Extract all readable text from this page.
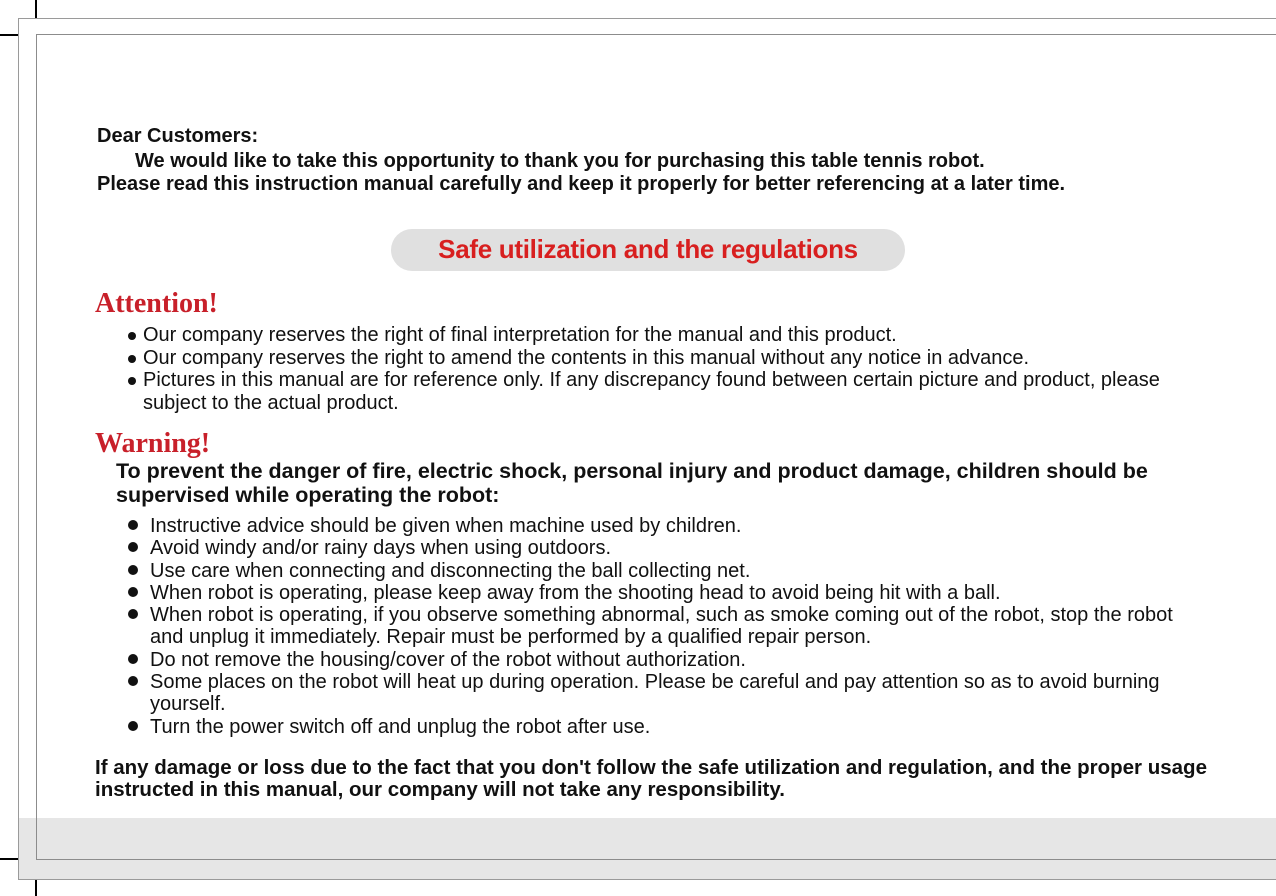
Dear Customers:

We would like to take this opportunity to thank you for purchasing this table tennis robot.

Please read this instruction manual carefully and keep it properly for better referencing at a later time.

Safe utilization and the regulations

Attention!

Our company reserves the right of final interpretation for the manual and this product.
Our company reserves the right to amend the contents in this manual without any notice in advance.
Pictures in this manual are for reference only. If any discrepancy found between certain picture and product, please subject to the actual product.

Warning!

To prevent the danger of fire, electric shock, personal injury and product damage, children should be supervised while operating the robot:

Instructive advice should be given when machine used by children.
Avoid windy and/or rainy days when using outdoors.
Use care when connecting and disconnecting the ball collecting net.
When robot is operating, please keep away from the shooting head to avoid being hit with a ball.
When robot is operating, if you observe something abnormal, such as smoke coming out of the robot, stop the robot and unplug it immediately. Repair must be performed by a qualified repair person.
Do not remove the housing/cover of the robot without authorization.
Some places on the robot will heat up during operation. Please be careful and pay attention so as to avoid burning yourself.
Turn the power switch off and unplug the robot after use.

If any damage or loss due to the fact that you don't follow the safe utilization and regulation, and the proper usage instructed in this manual, our company will not take any responsibility.
